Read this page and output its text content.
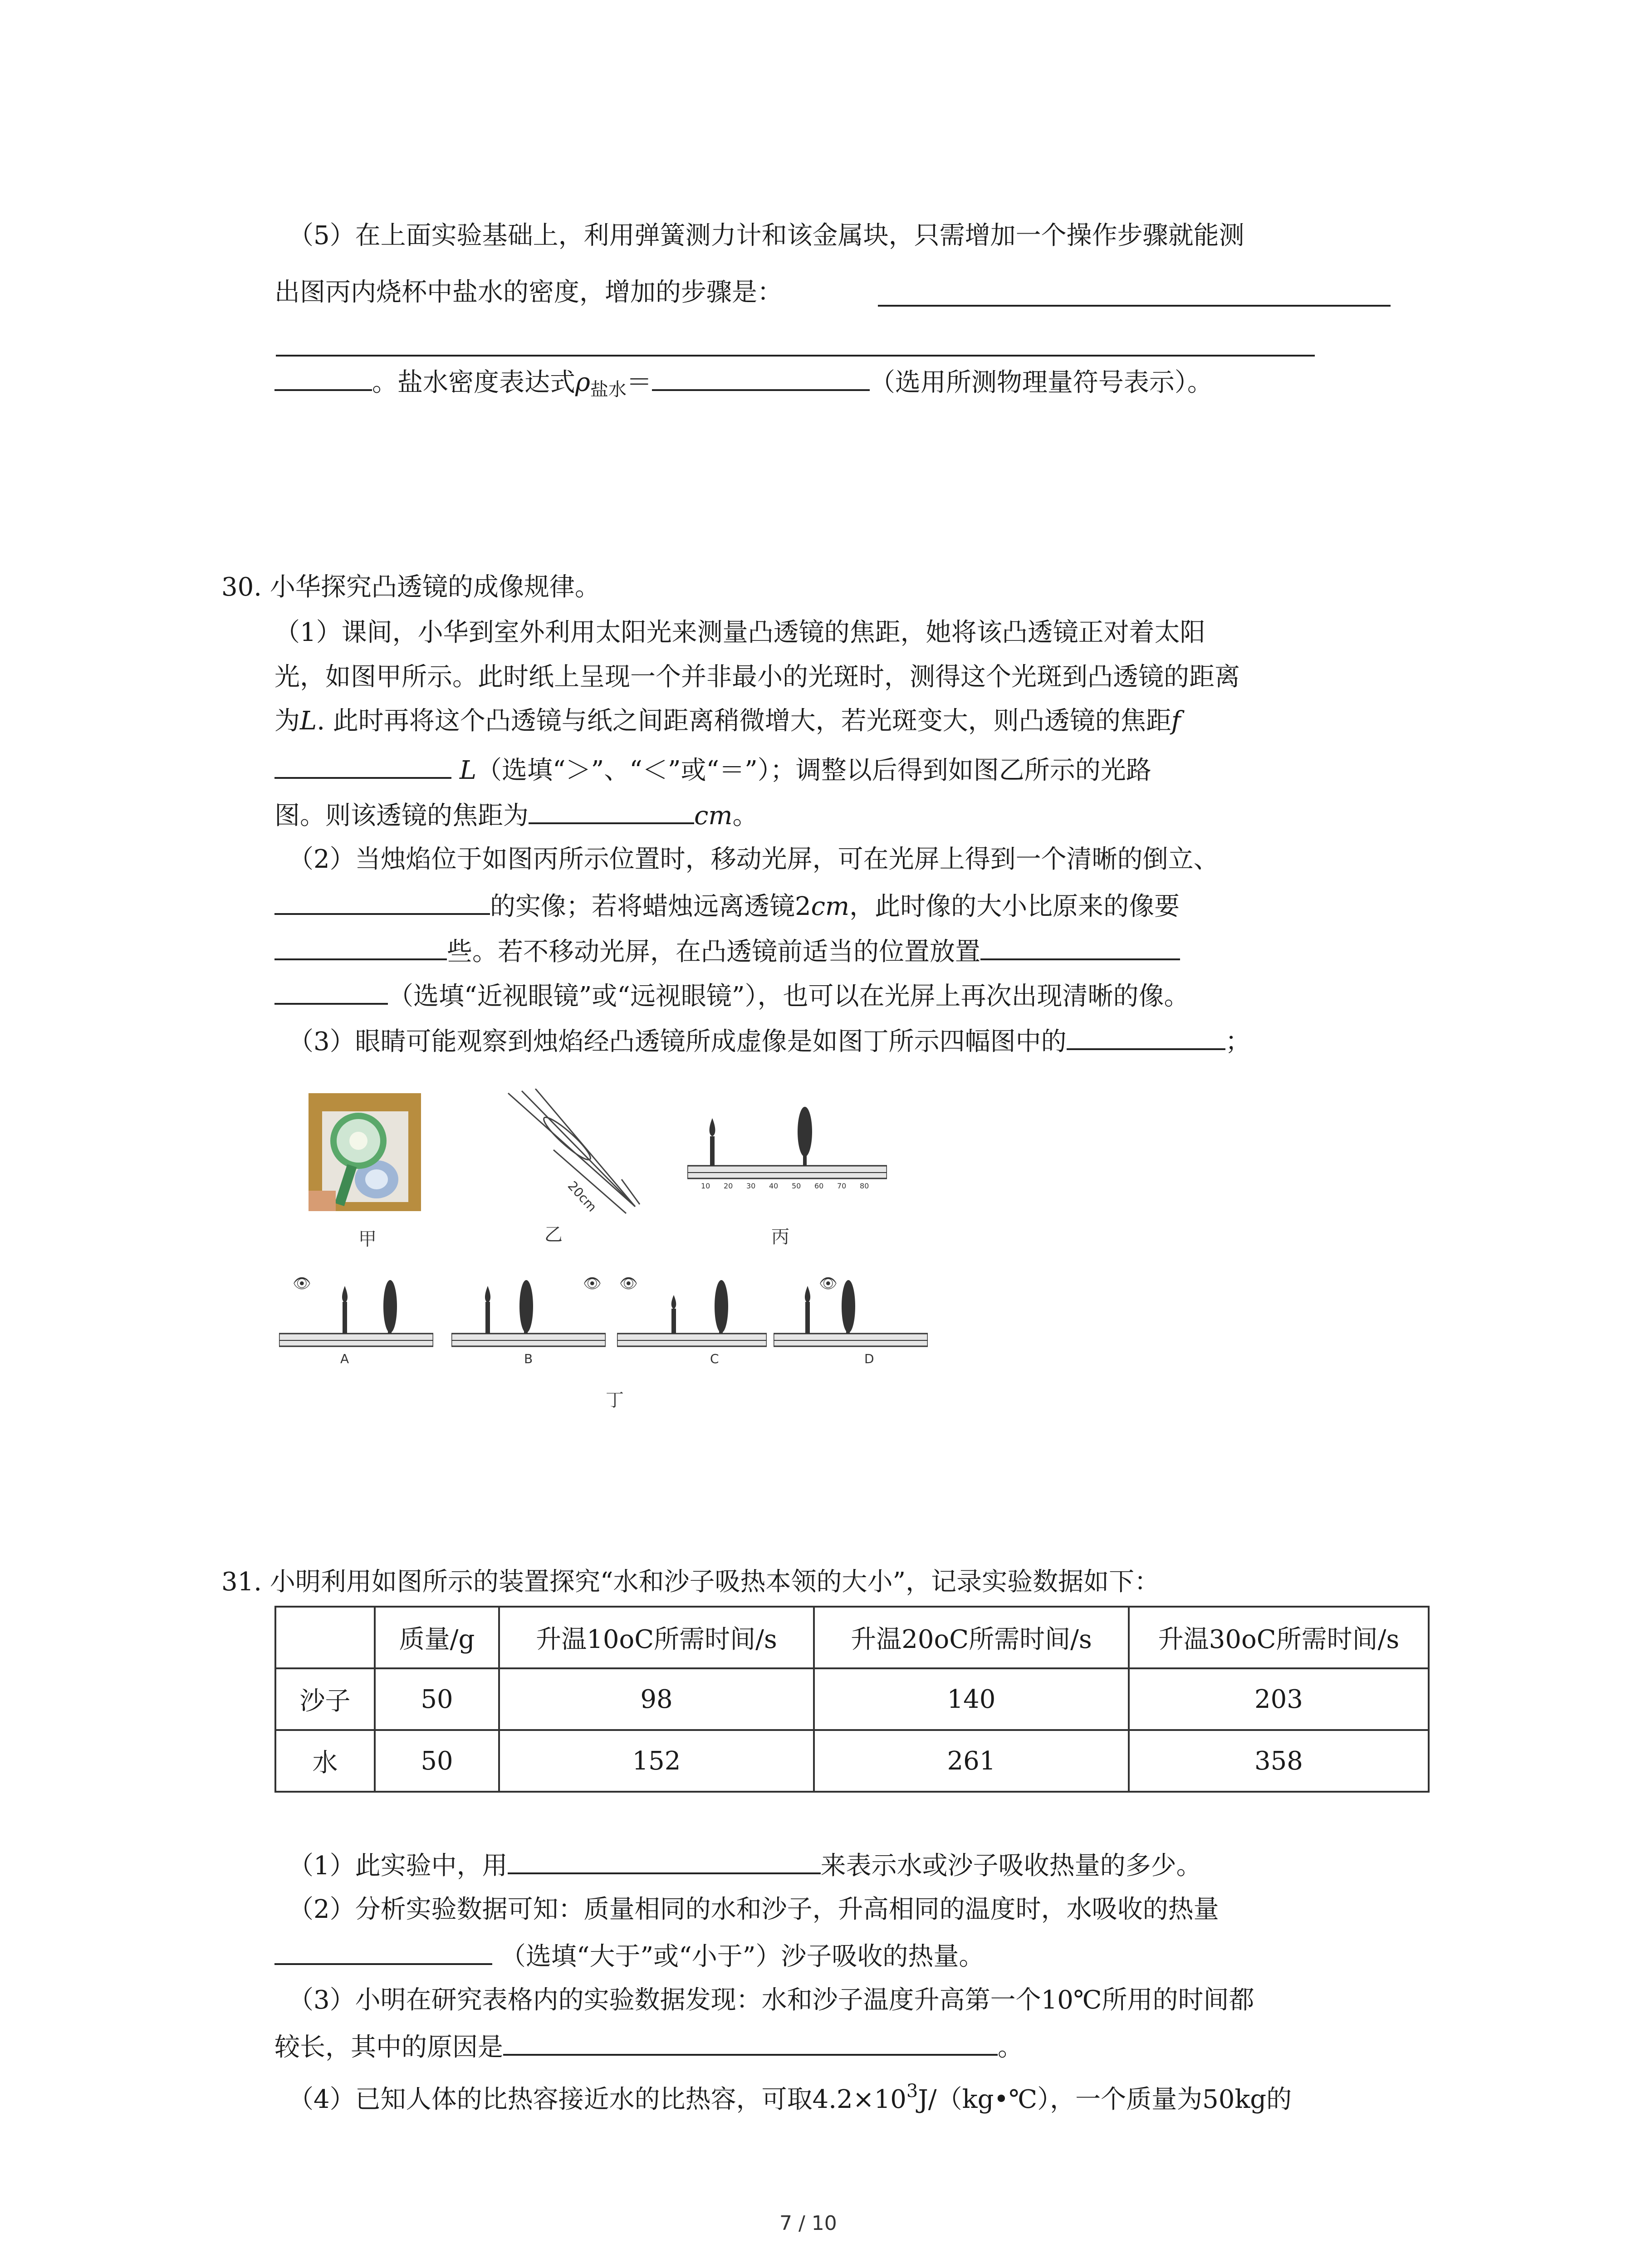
（5）在上面实验基础上，利用弹簧测力计和该金属块，只需增加一个操作步骤就能测
出图丙内烧杯中盐水的密度，增加的步骤是：
。盐水密度表达式$\rho_{盐水}=$	（选用所测物理量符号表示）。
30. 小华探究凸透镜的成像规律。
（1）课间，小华到室外利用太阳光来测量凸透镜的焦距，她将该凸透镜正对着太阳
光，如图甲所示。此时纸上呈现一个并非最小的光斑时，测得这个光斑到凸透镜的距离
为L. 此时再将这个凸透镜与纸之间距离稍微增大，若光斑变大，则凸透镜的焦距f
L（选填“＞”、“＜”或“＝”）；调整以后得到如图乙所示的光路
图。则该透镜的焦距为	cm。
（2）当烛焰位于如图丙所示位置时，移动光屏，可在光屏上得到一个清晰的倒立、
的实像；若将蜡烛远离透镜2cm，此时像的大小比原来的像要
些。若不移动光屏，在凸透镜前适当的位置放置
（选填“近视眼镜”或“远视眼镜”），也可以在光屏上再次出现清晰的像。
（3）眼睛可能观察到烛焰经凸透镜所成虚像是如图丁所示四幅图中的	；
甲
20cm
乙
10 20 30 40 50 60 70 80
丙
👁
A
👁
B
👁
C
👁
D
丁
31. 小明利用如图所示的装置探究“水和沙子吸热本领的大小”，记录实验数据如下：
	质量/g	升温10oC所需时间/s	升温20oC所需时间/s	升温30oC所需时间/s
沙子	50	98	140	203
水	50	152	261	358
（1）此实验中，用	来表示水或沙子吸收热量的多少。
（2）分析实验数据可知：质量相同的水和沙子，升高相同的温度时，水吸收的热量
（选填“大于”或“小于”）沙子吸收的热量。
（3）小明在研究表格内的实验数据发现：水和沙子温度升高第一个10℃所用的时间都
较长，其中的原因是	。
（4）已知人体的比热容接近水的比热容，可取$4.2\times 10^3J/(kg•℃)$，一个质量为50kg的
7 / 10
